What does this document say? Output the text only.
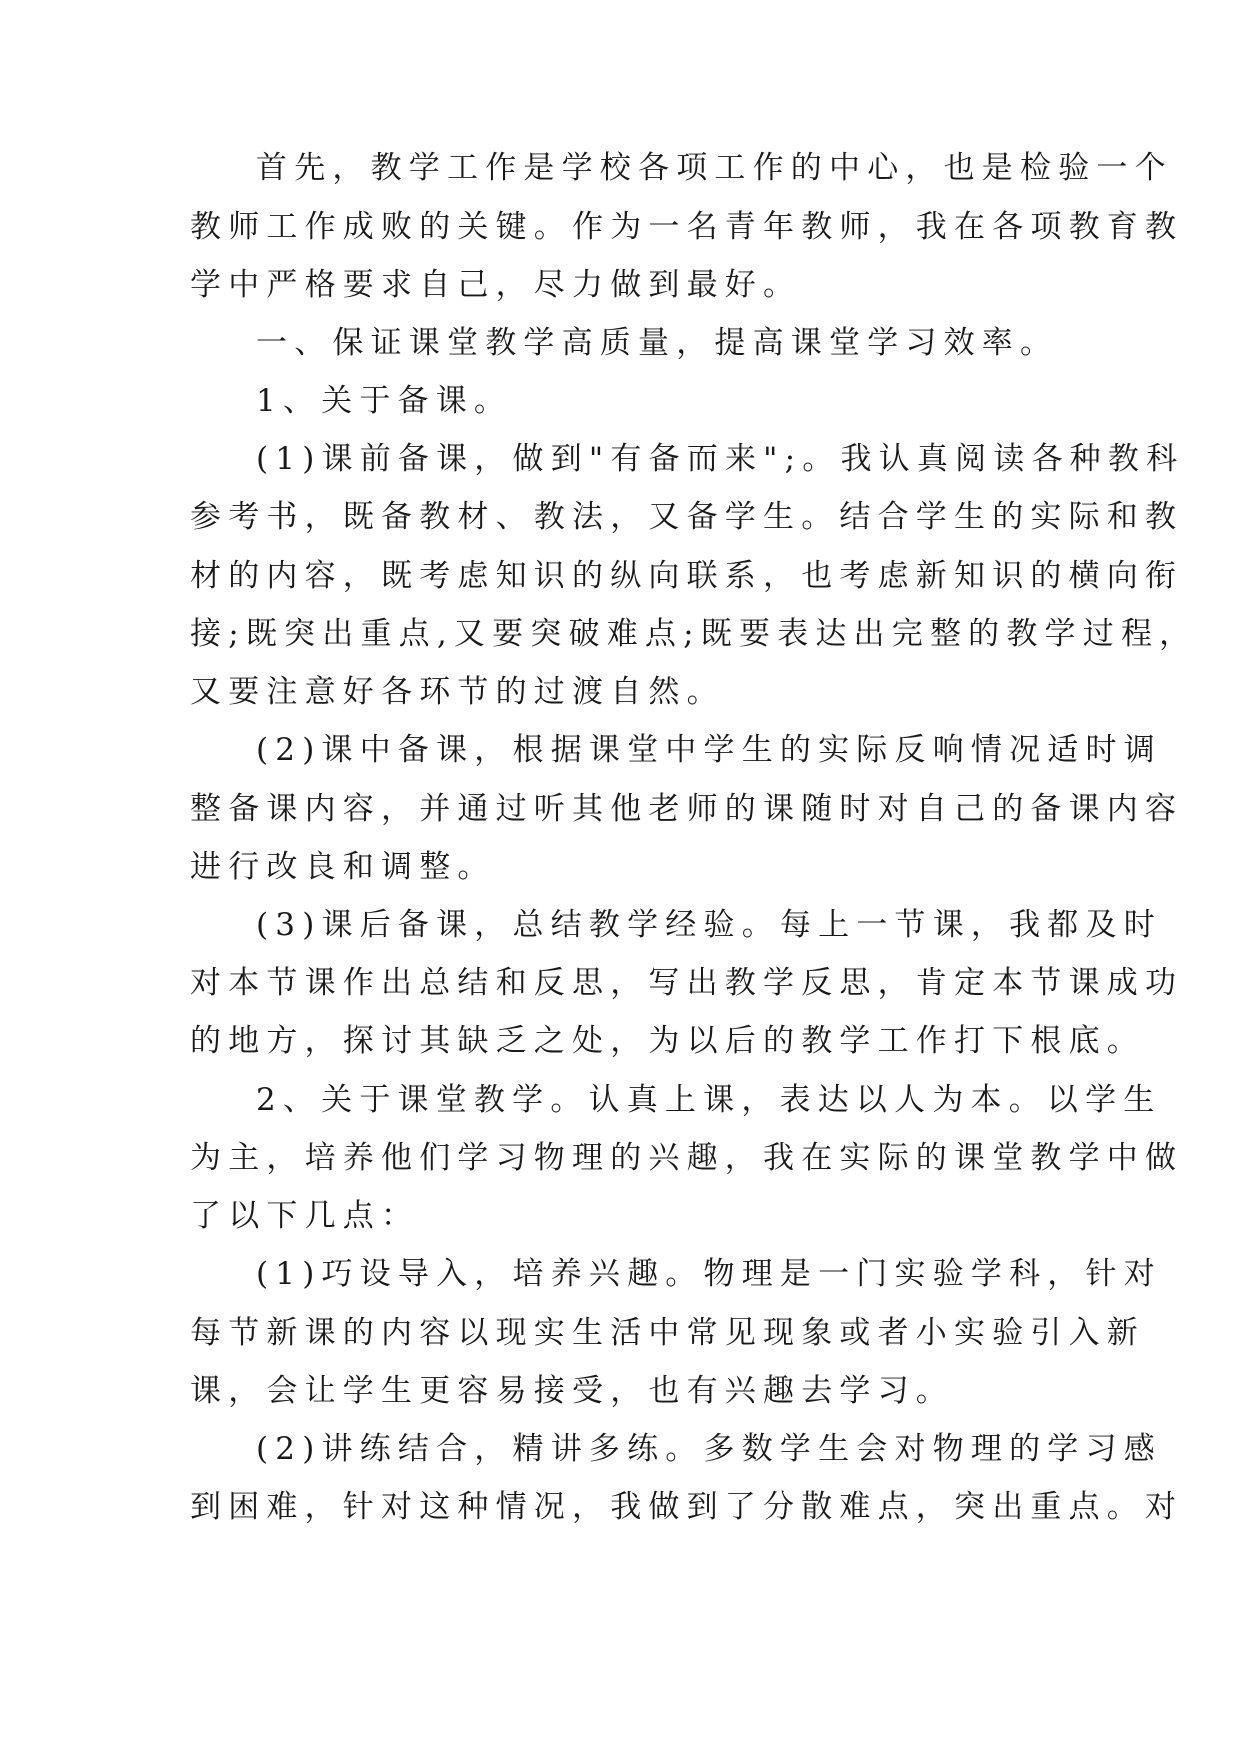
首先，教学工作是学校各项工作的中心，也是检验一个

教师工作成败的关键。作为一名青年教师，我在各项教育教

学中严格要求自己，尽力做到最好。

一、保证课堂教学高质量，提高课堂学习效率。

1、关于备课。

(1)课前备课，做到"有备而来";。我认真阅读各种教科

参考书，既备教材、教法，又备学生。结合学生的实际和教

材的内容，既考虑知识的纵向联系，也考虑新知识的横向衔

接;既突出重点,又要突破难点;既要表达出完整的教学过程，

又要注意好各环节的过渡自然。

(2)课中备课，根据课堂中学生的实际反响情况适时调

整备课内容，并通过听其他老师的课随时对自己的备课内容

进行改良和调整。

(3)课后备课，总结教学经验。每上一节课，我都及时

对本节课作出总结和反思，写出教学反思，肯定本节课成功

的地方，探讨其缺乏之处，为以后的教学工作打下根底。

2、关于课堂教学。认真上课，表达以人为本。以学生

为主，培养他们学习物理的兴趣，我在实际的课堂教学中做

了以下几点：

(1)巧设导入，培养兴趣。物理是一门实验学科，针对

每节新课的内容以现实生活中常见现象或者小实验引入新

课，会让学生更容易接受，也有兴趣去学习。

(2)讲练结合，精讲多练。多数学生会对物理的学习感

到困难，针对这种情况，我做到了分散难点，突出重点。对
